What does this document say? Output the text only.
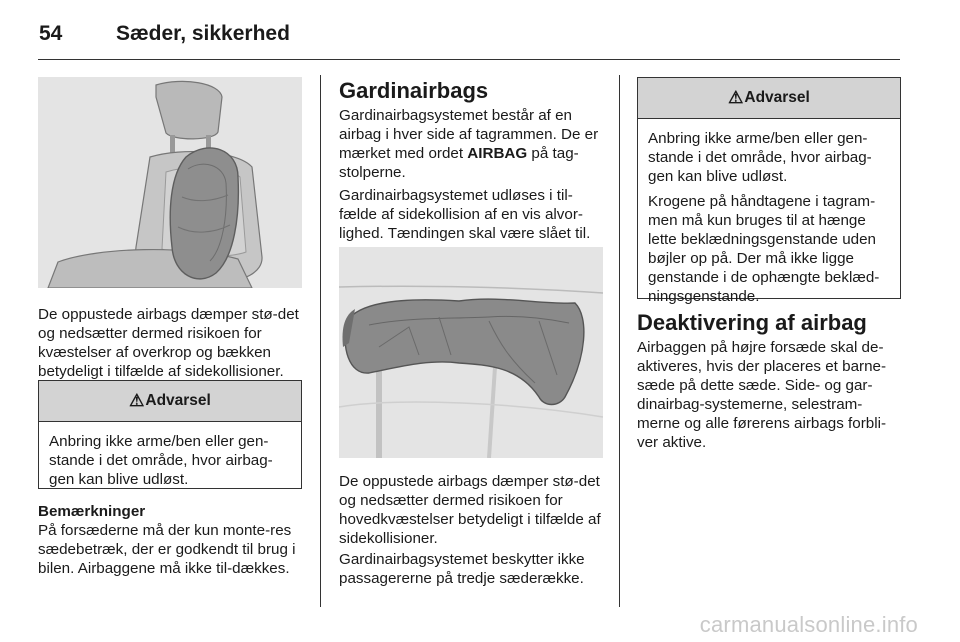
54	Sæder, sikkerhed

De oppustede airbags dæmper stø-det og nedsætter dermed risikoen for kvæstelser af overkrop og bækken betydeligt i tilfælde af sidekollisioner.

⚠ Advarsel

Anbring ikke arme/ben eller gen-stande i det område, hvor airbag-gen kan blive udløst.

Bemærkninger

På forsæderne må der kun monte-res sædebetræk, der er godkendt til brug i bilen. Airbaggene må ikke til-dækkes.

Gardinairbags

Gardinairbagsystemet består af en airbag i hver side af tagrammen. De er mærket med ordet AIRBAG på tag-stolperne.

Gardinairbagsystemet udløses i til-fælde af sidekollision af en vis alvor-lighed. Tændingen skal være slået til.

De oppustede airbags dæmper stø-det og nedsætter dermed risikoen for hovedkvæstelser betydeligt i tilfælde af sidekollisioner.

Gardinairbagsystemet beskytter ikke passagererne på tredje sæderække.

⚠ Advarsel

Anbring ikke arme/ben eller gen-stande i det område, hvor airbag-gen kan blive udløst.

Krogene på håndtagene i tagram-men må kun bruges til at hænge lette beklædningsgenstande uden bøjler op på. Der må ikke ligge genstande i de ophængte beklæd-ningsgenstande.

Deaktivering af airbag

Airbaggen på højre forsæde skal de-aktiveres, hvis der placeres et barne-sæde på dette sæde. Side- og gar-dinairbag-systemerne, selestram-merne og alle førerens airbags forbli-ver aktive.

carmanualsonline.info
